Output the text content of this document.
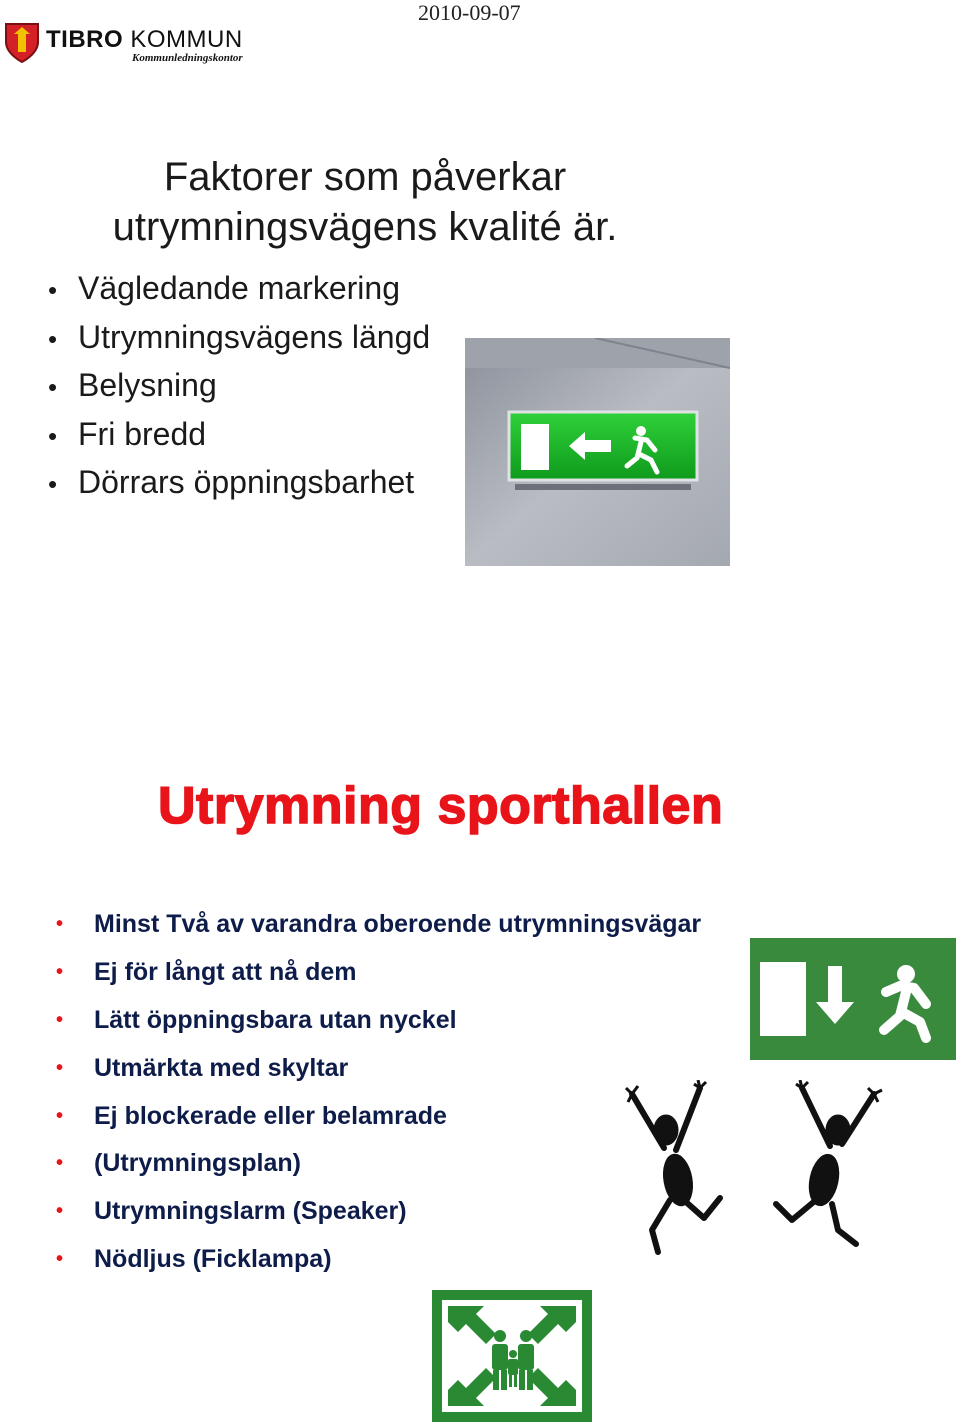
TIBRO KOMMUN
Kommunledningskontor
2010-09-07
Faktorer som påverkar
utrymningsvägens kvalité är.
• Vägledande markering
• Utrymningsvägens längd
• Belysning
• Fri bredd
• Dörrars öppningsbarhet
Utrymning sporthallen
• Minst Två av varandra oberoende utrymningsvägar
• Ej för långt att nå dem
• Lätt öppningsbara utan nyckel
• Utmärkta med skyltar
• Ej blockerade eller belamrade
• (Utrymningsplan)
• Utrymningslarm (Speaker)
• Nödljus (Ficklampa)
